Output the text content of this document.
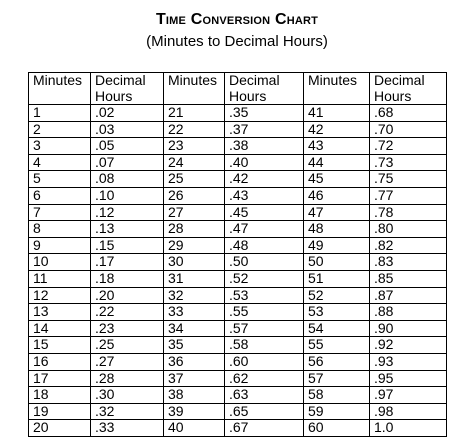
Time Conversion Chart
(Minutes to Decimal Hours)
Minutes	Decimal Hours	Minutes	Decimal Hours	Minutes	Decimal Hours
1	.02	21	.35	41	.68
2	.03	22	.37	42	.70
3	.05	23	.38	43	.72
4	.07	24	.40	44	.73
5	.08	25	.42	45	.75
6	.10	26	.43	46	.77
7	.12	27	.45	47	.78
8	.13	28	.47	48	.80
9	.15	29	.48	49	.82
10	.17	30	.50	50	.83
11	.18	31	.52	51	.85
12	.20	32	.53	52	.87
13	.22	33	.55	53	.88
14	.23	34	.57	54	.90
15	.25	35	.58	55	.92
16	.27	36	.60	56	.93
17	.28	37	.62	57	.95
18	.30	38	.63	58	.97
19	.32	39	.65	59	.98
20	.33	40	.67	60	1.0
